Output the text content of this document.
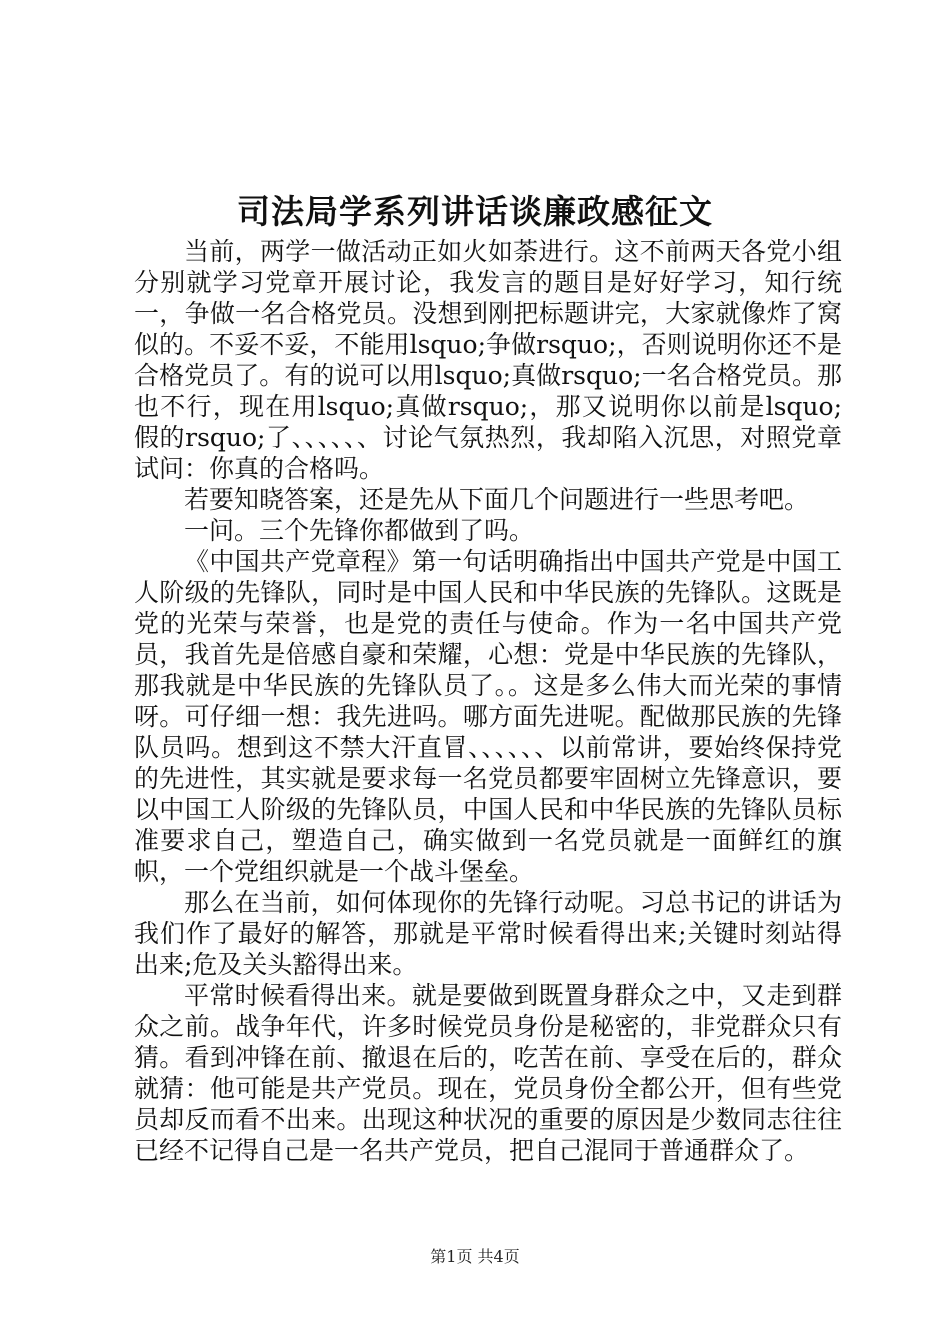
司法局学系列讲话谈廉政感征文

当前，两学一做活动正如火如荼进行。这不前两天各党小组分别就学习党章开展讨论，我发言的题目是好好学习，知行统一，争做一名合格党员。没想到刚把标题讲完，大家就像炸了窝似的。不妥不妥，不能用lsquo;争做rsquo;，否则说明你还不是合格党员了。有的说可以用lsquo;真做rsquo;一名合格党员。那也不行，现在用lsquo;真做rsquo;，那又说明你以前是lsquo;假的rsquo;了、、、、、、讨论气氛热烈，我却陷入沉思，对照党章试问：你真的合格吗。

若要知晓答案，还是先从下面几个问题进行一些思考吧。

一问。三个先锋你都做到了吗。

《中国共产党章程》第一句话明确指出中国共产党是中国工人阶级的先锋队，同时是中国人民和中华民族的先锋队。这既是党的光荣与荣誉，也是党的责任与使命。作为一名中国共产党员，我首先是倍感自豪和荣耀，心想：党是中华民族的先锋队，那我就是中华民族的先锋队员了。。这是多么伟大而光荣的事情呀。可仔细一想：我先进吗。哪方面先进呢。配做那民族的先锋队员吗。想到这不禁大汗直冒、、、、、、以前常讲，要始终保持党的先进性，其实就是要求每一名党员都要牢固树立先锋意识，要以中国工人阶级的先锋队员，中国人民和中华民族的先锋队员标准要求自己，塑造自己，确实做到一名党员就是一面鲜红的旗帜，一个党组织就是一个战斗堡垒。

那么在当前，如何体现你的先锋行动呢。习总书记的讲话为我们作了最好的解答，那就是平常时候看得出来;关键时刻站得出来;危及关头豁得出来。

平常时候看得出来。就是要做到既置身群众之中，又走到群众之前。战争年代，许多时候党员身份是秘密的，非党群众只有猜。看到冲锋在前、撤退在后的，吃苦在前、享受在后的，群众就猜：他可能是共产党员。现在，党员身份全都公开，但有些党员却反而看不出来。出现这种状况的重要的原因是少数同志往往已经不记得自己是一名共产党员，把自己混同于普通群众了。

第1页 共4页
